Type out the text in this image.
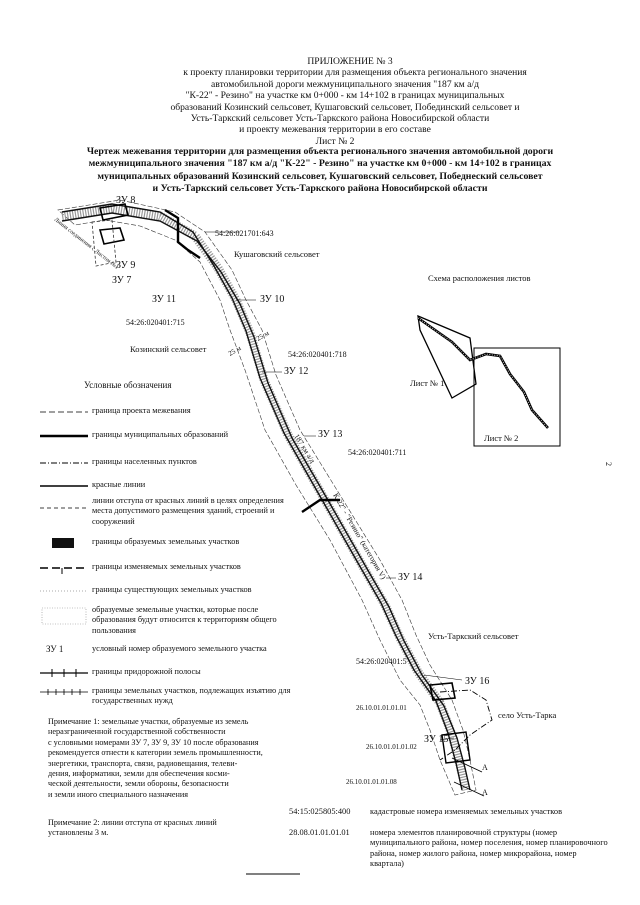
ПРИЛОЖЕНИЕ № 3
к проекту планировки территории для размещения объекта регионального значения
автомобильной дороги межмуниципального значения "187 км а/д
"К-22" - Резино" на участке км 0+000 - км 14+102 в границах муниципальных
образований Козинский сельсовет, Кушаговский сельсовет, Побединский сельсовет и
Усть-Таркский сельсовет Усть-Таркского района Новосибирской области
и проекту межевания территории в его составе
Лист № 2
Чертеж межевания территории для размещения объекта регионального значения автомобильной дороги
межмуниципального значения "187 км а/д "К-22" - Резино" на участке км 0+000 - км 14+102 в границах
муниципальных образований Козинский сельсовет, Кушаговский сельсовет, Победнеский сельсовет
и Усть-Таркский сельсовет Усть-Таркского района Новосибирской области
ЗУ 8
ЗУ 9
ЗУ 7
ЗУ 11	ЗУ 10
ЗУ 12
ЗУ 13
ЗУ 14
ЗУ 16
ЗУ 15
54:26:021701:643
54:26:020401:715
54:26:020401:718
54:26:020401:711
54:26:020401:5
Кушаговский сельсовет
Козинский сельсовет
Усть-Таркский сельсовет
село Усть-Тарка
26.10.01.01.01.01
26.10.01.01.01.02
26.10.01.01.01.08
187 км а/д
К-22" - "Резино" (категория V)
25 м
25 м
Линия соединения с Листом №1
А
А
2
Схема расположения листов
Лист № 1
Лист № 2
Условные обозначения
граница проекта межевания
границы муниципальных образований
границы населенных пунктов
красные линии
линии отступа от красных линий в целях определения места допустимого размещения зданий, строений и сооружений
границы образуемых земельных участков
границы изменяемых земельных участков
границы существующих земельных участков
образуемые земельные участки, которые после образования будут относится к территориям общего пользования
ЗУ 1	условный номер образуемого земельного участка
границы придорожной полосы
границы земельных участков, подлежащих изъятию для государственных нужд
Примечание 1: земельные участки, образуемые из земель
неразграниченной государственной собственности
с условными номерами ЗУ 7, ЗУ 9, ЗУ 10 после образования
рекомендуется отнести к категории земель промышленности,
энергетики, транспорта, связи, радиовещания, телеви-
дения, информатики, земли для обеспечения косми-
ческой деятельности, земли обороны, безопасности
и земли иного специального назначения
Примечание 2: линии отступа от красных линий
установлены 3 м.
54:15:025805:400	кадастровые номера изменяемых земельных участков
28.08.01.01.01.01	номера элементов планировочной структуры (номер муниципального района, номер поселения, номер планировочного района, номер жилого района, номер микрорайона, номер квартала)
